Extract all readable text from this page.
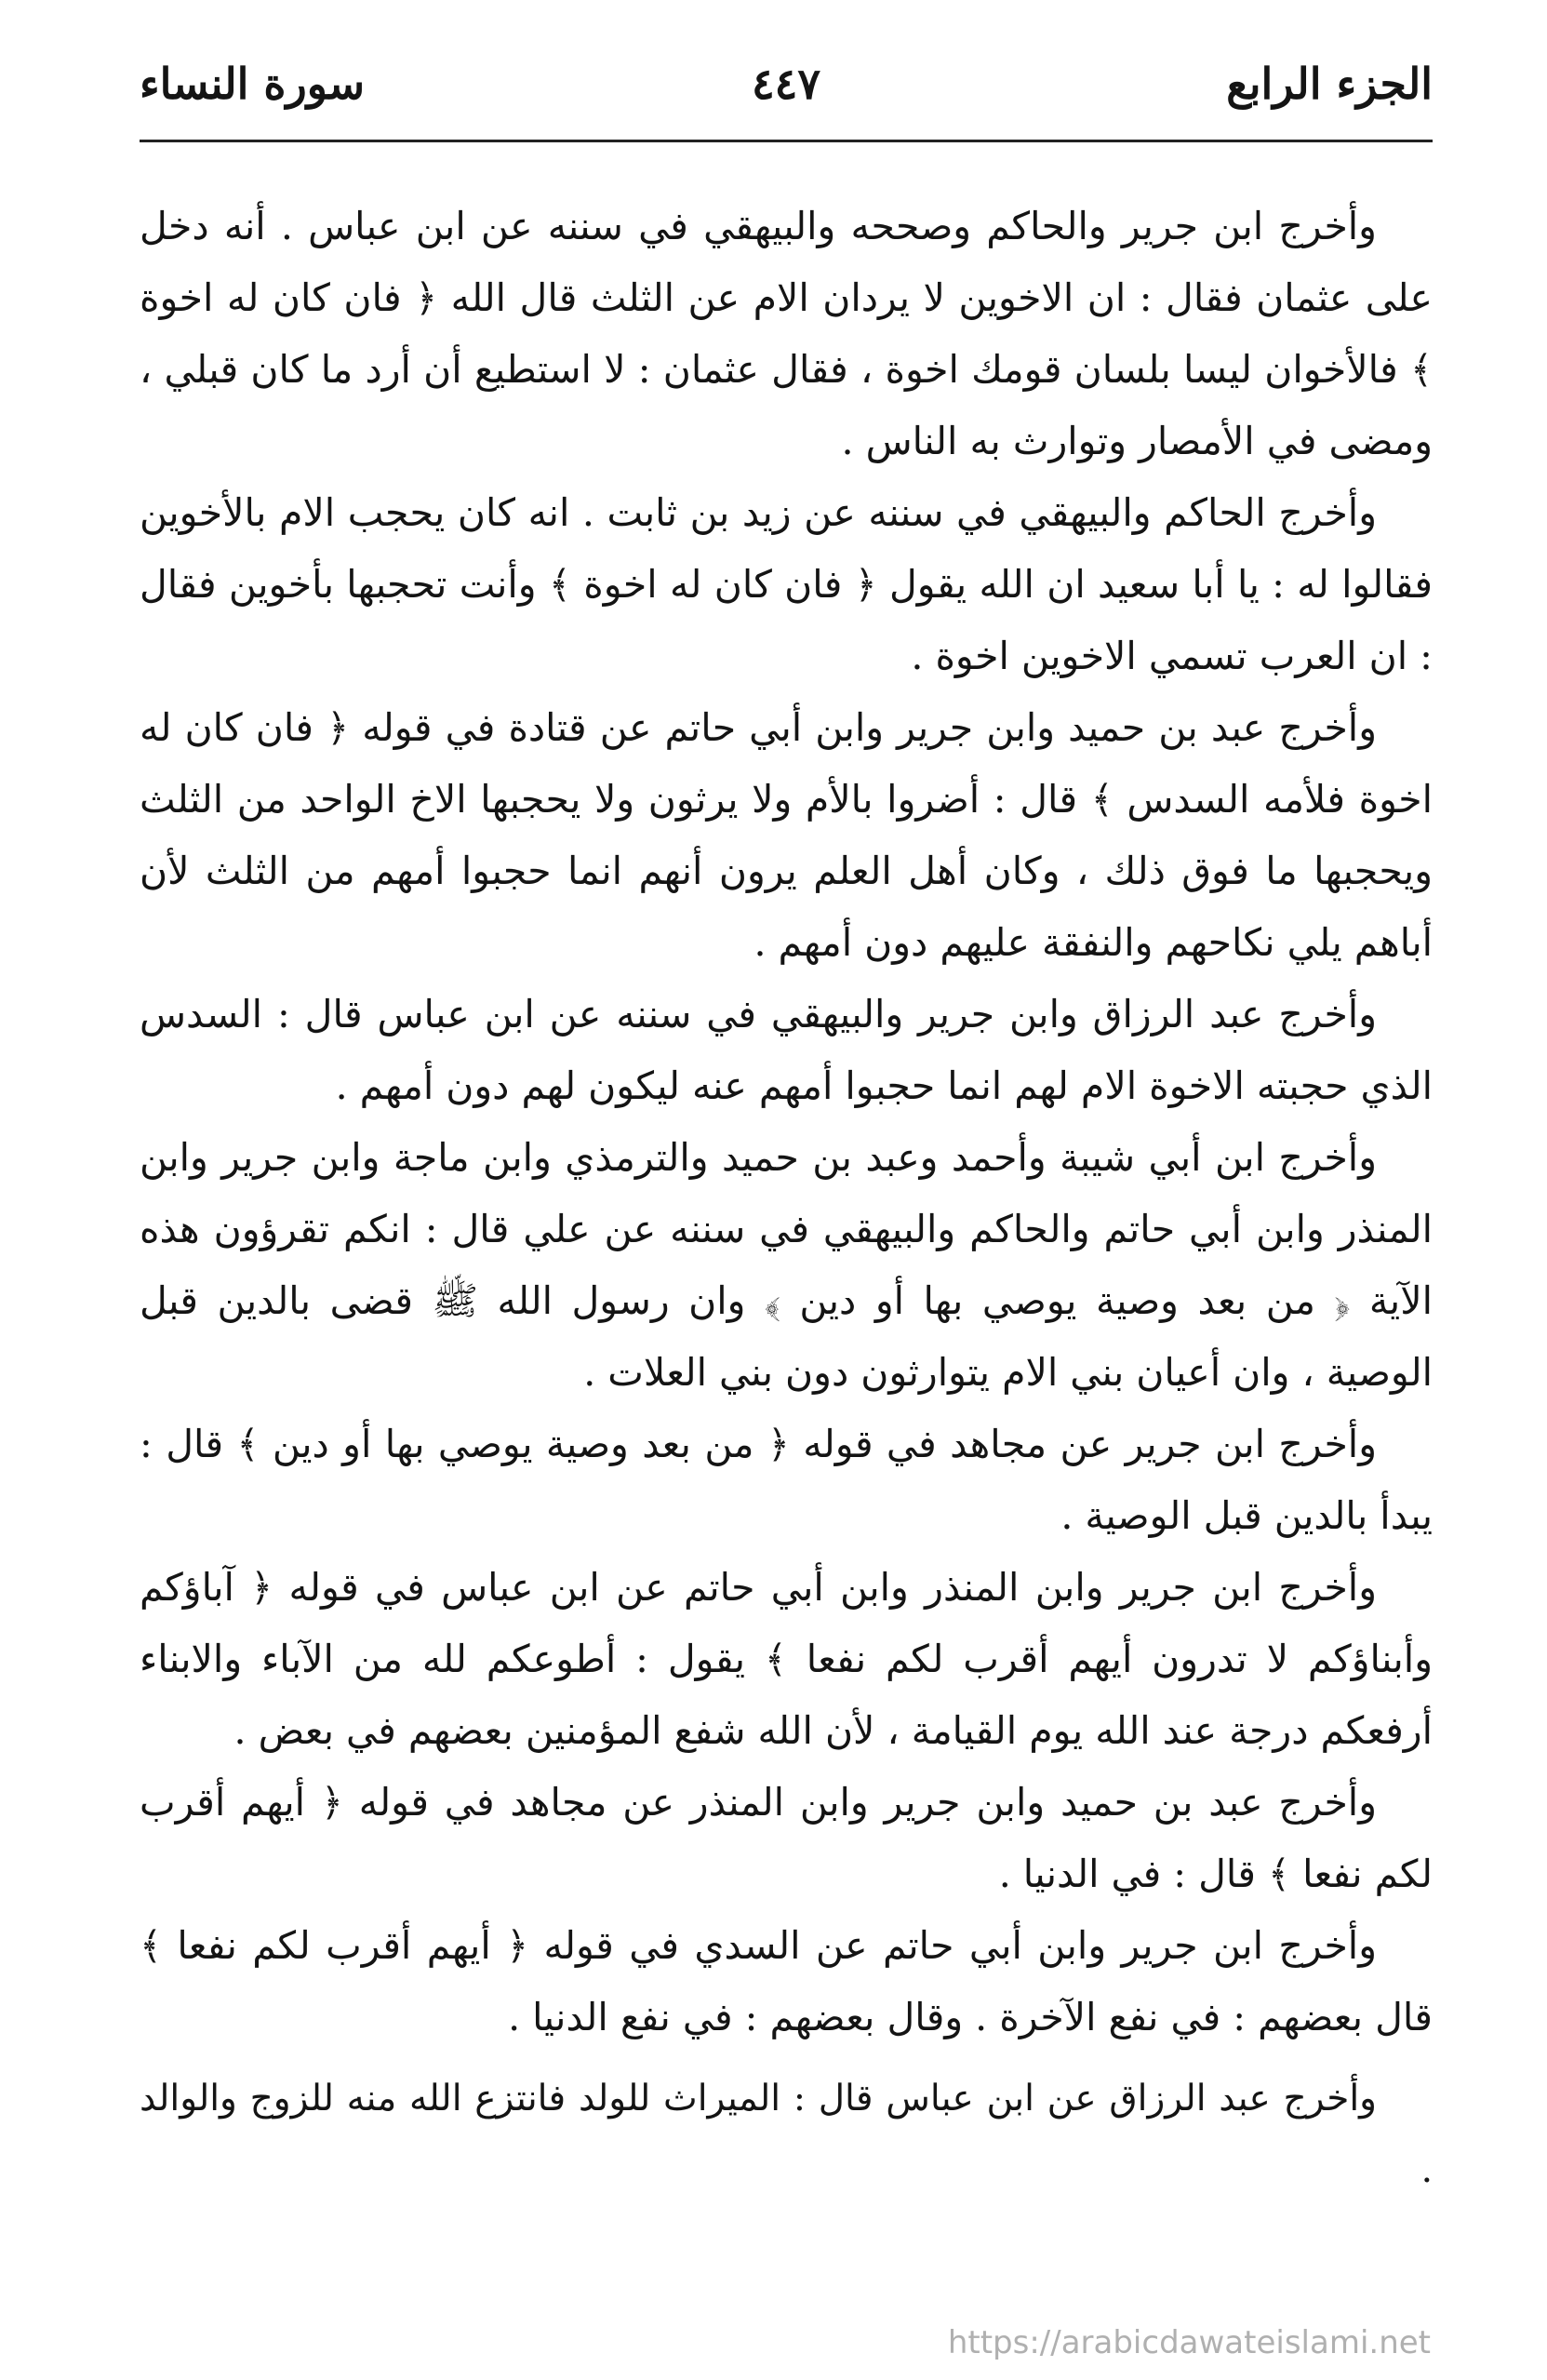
الجزء الرابع
٤٤٧
سورة النساء

وأخرج ابن جرير والحاكم وصححه والبيهقي في سننه عن ابن عباس . أنه دخل على عثمان فقال : ان الاخوين لا يردان الام عن الثلث قال الله ﴿ فان كان له اخوة ﴾ فالأخوان ليسا بلسان قومك اخوة ، فقال عثمان : لا استطيع أن أرد ما كان قبلي ، ومضى في الأمصار وتوارث به الناس .

وأخرج الحاكم والبيهقي في سننه عن زيد بن ثابت . انه كان يحجب الام بالأخوين فقالوا له : يا أبا سعيد ان الله يقول ﴿ فان كان له اخوة ﴾ وأنت تحجبها بأخوين فقال : ان العرب تسمي الاخوين اخوة .

وأخرج عبد بن حميد وابن جرير وابن أبي حاتم عن قتادة في قوله ﴿ فان كان له اخوة فلأمه السدس ﴾ قال : أضروا بالأم ولا يرثون ولا يحجبها الاخ الواحد من الثلث ويحجبها ما فوق ذلك ، وكان أهل العلم يرون أنهم انما حجبوا أمهم من الثلث لأن أباهم يلي نكاحهم والنفقة عليهم دون أمهم .

وأخرج عبد الرزاق وابن جرير والبيهقي في سننه عن ابن عباس قال : السدس الذي حجبته الاخوة الام لهم انما حجبوا أمهم عنه ليكون لهم دون أمهم .

وأخرج ابن أبي شيبة وأحمد وعبد بن حميد والترمذي وابن ماجة وابن جرير وابن المنذر وابن أبي حاتم والحاكم والبيهقي في سننه عن علي قال : انكم تقرؤون هذه الآية ﴿ من بعد وصية يوصي بها أو دين ﴾ وان رسول الله ﷺ قضى بالدين قبل الوصية ، وان أعيان بني الام يتوارثون دون بني العلات .

وأخرج ابن جرير عن مجاهد في قوله ﴿ من بعد وصية يوصي بها أو دين ﴾ قال : يبدأ بالدين قبل الوصية .

وأخرج ابن جرير وابن المنذر وابن أبي حاتم عن ابن عباس في قوله ﴿ آباؤكم وأبناؤكم لا تدرون أيهم أقرب لكم نفعا ﴾ يقول : أطوعكم لله من الآباء والابناء أرفعكم درجة عند الله يوم القيامة ، لأن الله شفع المؤمنين بعضهم في بعض .

وأخرج عبد بن حميد وابن جرير وابن المنذر عن مجاهد في قوله ﴿ أيهم أقرب لكم نفعا ﴾ قال : في الدنيا .

وأخرج ابن جرير وابن أبي حاتم عن السدي في قوله ﴿ أيهم أقرب لكم نفعا ﴾ قال بعضهم : في نفع الآخرة . وقال بعضهم : في نفع الدنيا .

وأخرج عبد الرزاق عن ابن عباس قال : الميراث للولد فانتزع الله منه للزوج والوالد .

https://arabicdawateislami.net
